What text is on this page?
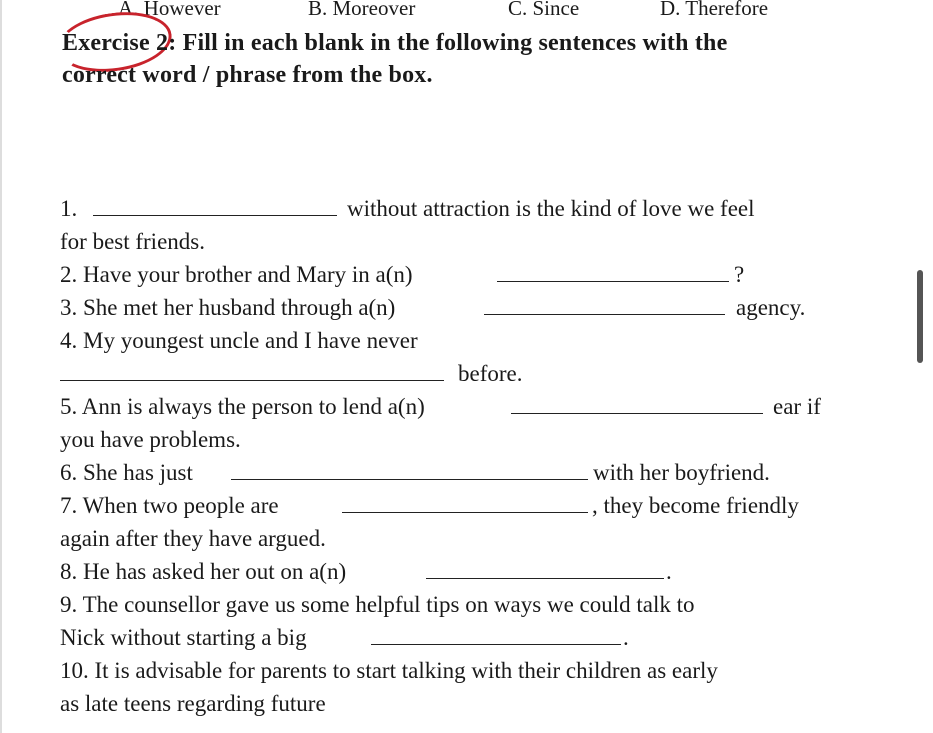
A. However	B. Moreover	C. Since	D. Therefore
Exercise 2: Fill in each blank in the following sentences with the
correct word / phrase from the box.
1.	without attraction is the kind of love we feel
for best friends.
2. Have your brother and Mary in a(n)	?
3. She met her husband through a(n)	agency.
4. My youngest uncle and I have never
before.
5. Ann is always the person to lend a(n)	ear if
you have problems.
6. She has just	with her boyfriend.
7. When two people are	, they become friendly
again after they have argued.
8. He has asked her out on a(n)	.
9. The counsellor gave us some helpful tips on ways we could talk to
Nick without starting a big	.
10. It is advisable for parents to start talking with their children as early
as late teens regarding future
